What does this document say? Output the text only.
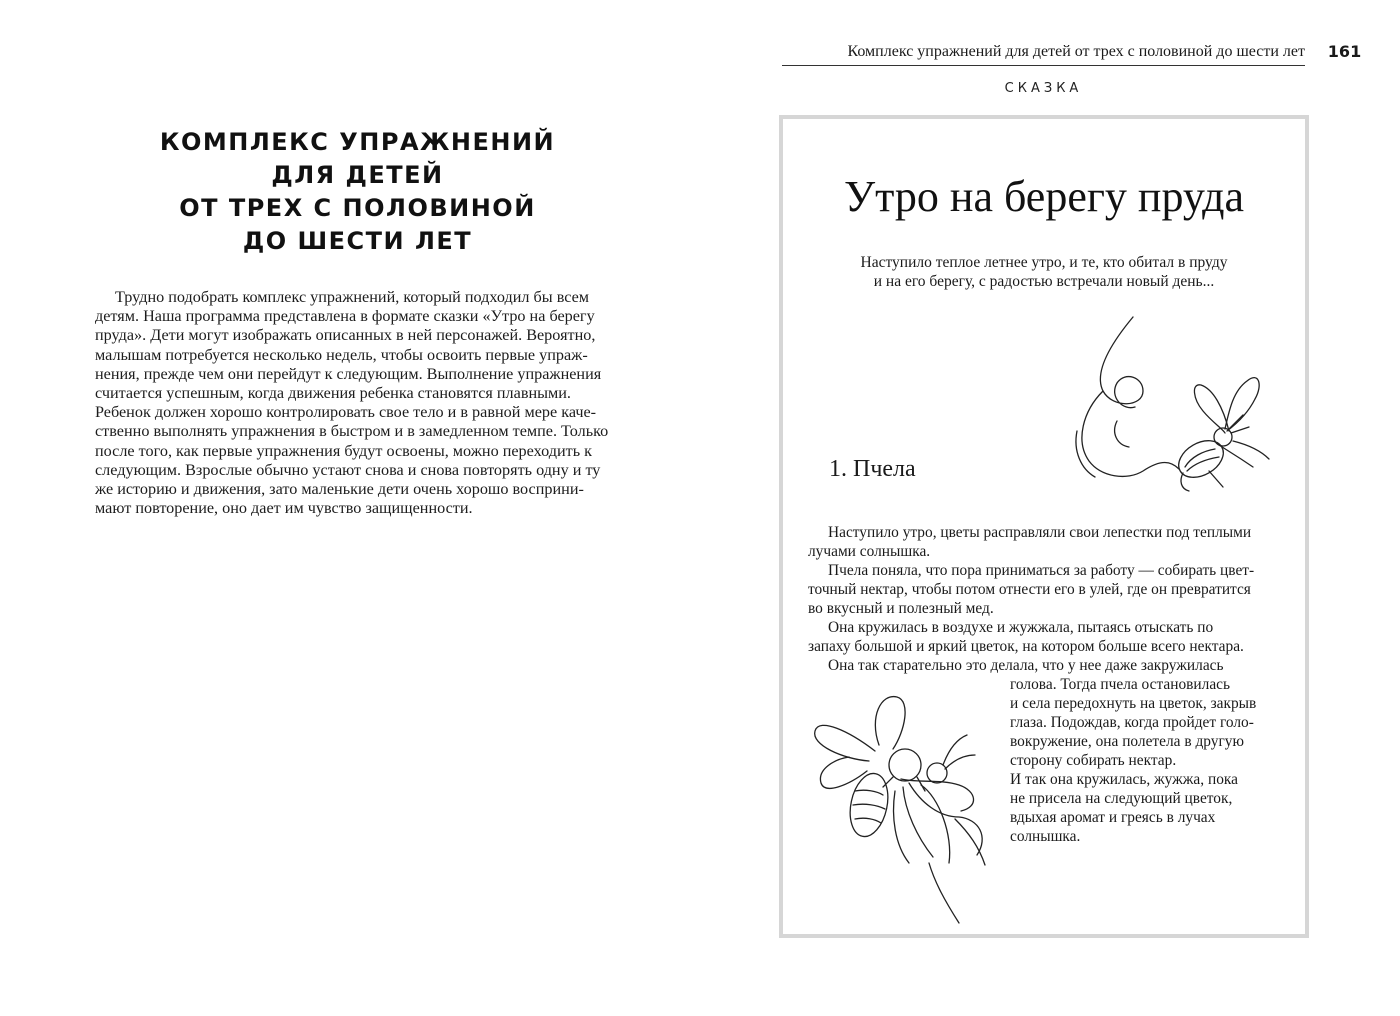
КОМПЛЕКС УПРАЖНЕНИЙ
ДЛЯ ДЕТЕЙ
ОТ ТРЕХ С ПОЛОВИНОЙ
ДО ШЕСТИ ЛЕТ
Трудно подобрать комплекс упражнений, который подходил бы всем
детям. Наша программа представлена в формате сказки «Утро на берегу
пруда». Дети могут изображать описанных в ней персонажей. Вероятно,
малышам потребуется несколько недель, чтобы освоить первые упраж-
нения, прежде чем они перейдут к следующим. Выполнение упражнения
считается успешным, когда движения ребенка становятся плавными.
Ребенок должен хорошо контролировать свое тело и в равной мере каче-
ственно выполнять упражнения в быстром и в замедленном темпе. Только
после того, как первые упражнения будут освоены, можно переходить к
следующим. Взрослые обычно устают снова и снова повторять одну и ту
же историю и движения, зато маленькие дети очень хорошо восприни-
мают повторение, оно дает им чувство защищенности.
Комплекс упражнений для детей от трех с половиной до шести лет	161
СКАЗКА
Утро на берегу пруда
Наступило теплое летнее утро, и те, кто обитал в пруду
и на его берегу, с радостью встречали новый день...
1. Пчела
Наступило утро, цветы расправляли свои лепестки под теплыми
лучами солнышка.
Пчела поняла, что пора приниматься за работу — собирать цвет-
точный нектар, чтобы потом отнести его в улей, где он превратится
во вкусный и полезный мед.
Она кружилась в воздухе и жужжала, пытаясь отыскать по
запаху большой и яркий цветок, на котором больше всего нектара.
Она так старательно это делала, что у нее даже закружилась
голова. Тогда пчела остановилась
и села передохнуть на цветок, закрыв
глаза. Подождав, когда пройдет голо-
вокружение, она полетела в другую
сторону собирать нектар.
И так она кружилась, жужжа, пока
не присела на следующий цветок,
вдыхая аромат и греясь в лучах
солнышка.
